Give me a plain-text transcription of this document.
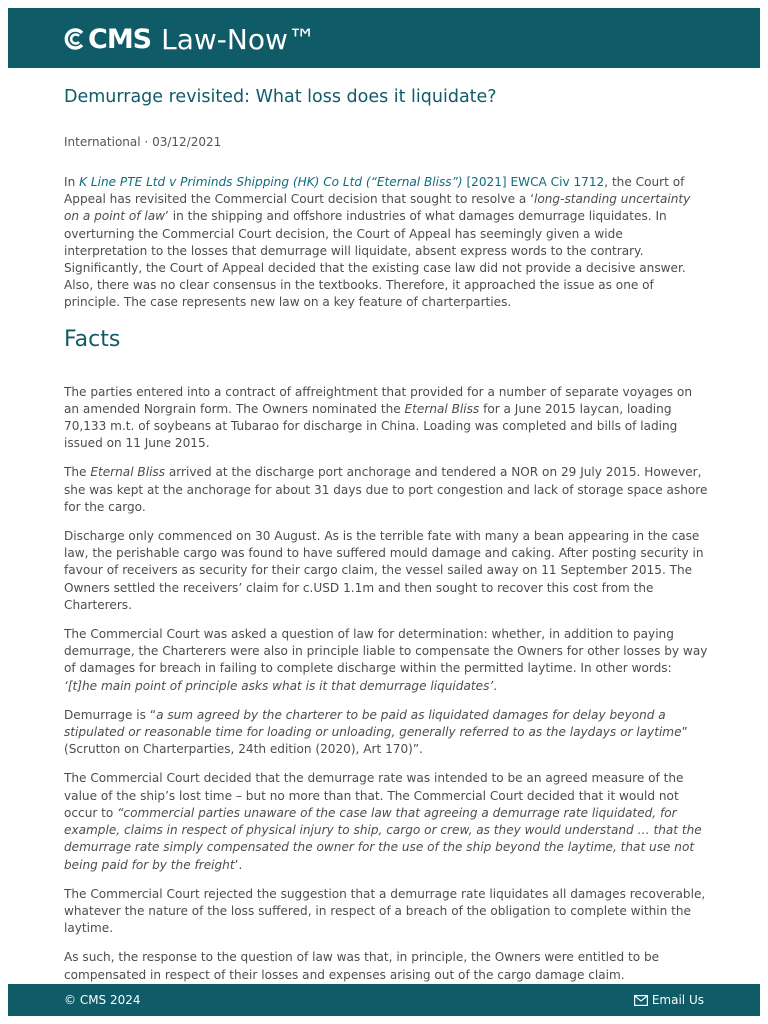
CMS Law-Now™
Demurrage revisited: What loss does it liquidate?
International · 03/12/2021

In K Line PTE Ltd v Priminds Shipping (HK) Co Ltd (“Eternal Bliss”) [2021] EWCA Civ 1712, the Court of Appeal has revisited the Commercial Court decision that sought to resolve a ‘long-standing uncertainty on a point of law’ in the shipping and offshore industries of what damages demurrage liquidates. In overturning the Commercial Court decision, the Court of Appeal has seemingly given a wide interpretation to the losses that demurrage will liquidate, absent express words to the contrary. Significantly, the Court of Appeal decided that the existing case law did not provide a decisive answer. Also, there was no clear consensus in the textbooks. Therefore, it approached the issue as one of principle. The case represents new law on a key feature of charterparties.

Facts

The parties entered into a contract of affreightment that provided for a number of separate voyages on an amended Norgrain form. The Owners nominated the Eternal Bliss for a June 2015 laycan, loading 70,133 m.t. of soybeans at Tubarao for discharge in China. Loading was completed and bills of lading issued on 11 June 2015.

The Eternal Bliss arrived at the discharge port anchorage and tendered a NOR on 29 July 2015. However, she was kept at the anchorage for about 31 days due to port congestion and lack of storage space ashore for the cargo.

Discharge only commenced on 30 August. As is the terrible fate with many a bean appearing in the case law, the perishable cargo was found to have suffered mould damage and caking. After posting security in favour of receivers as security for their cargo claim, the vessel sailed away on 11 September 2015. The Owners settled the receivers’ claim for c.USD 1.1m and then sought to recover this cost from the Charterers.

The Commercial Court was asked a question of law for determination: whether, in addition to paying demurrage, the Charterers were also in principle liable to compensate the Owners for other losses by way of damages for breach in failing to complete discharge within the permitted laytime. In other words: ‘[t]he main point of principle asks what is it that demurrage liquidates’.

Demurrage is “a sum agreed by the charterer to be paid as liquidated damages for delay beyond a stipulated or reasonable time for loading or unloading, generally referred to as the laydays or laytime” (Scrutton on Charterparties, 24th edition (2020), Art 170)”.

The Commercial Court decided that the demurrage rate was intended to be an agreed measure of the value of the ship’s lost time – but no more than that. The Commercial Court decided that it would not occur to “commercial parties unaware of the case law that agreeing a demurrage rate liquidated, for example, claims in respect of physical injury to ship, cargo or crew, as they would understand … that the demurrage rate simply compensated the owner for the use of the ship beyond the laytime, that use not being paid for by the freight’.

The Commercial Court rejected the suggestion that a demurrage rate liquidates all damages recoverable, whatever the nature of the loss suffered, in respect of a breach of the obligation to complete within the laytime.

As such, the response to the question of law was that, in principle, the Owners were entitled to be compensated in respect of their losses and expenses arising out of the cargo damage claim.

© CMS 2024	Email Us
